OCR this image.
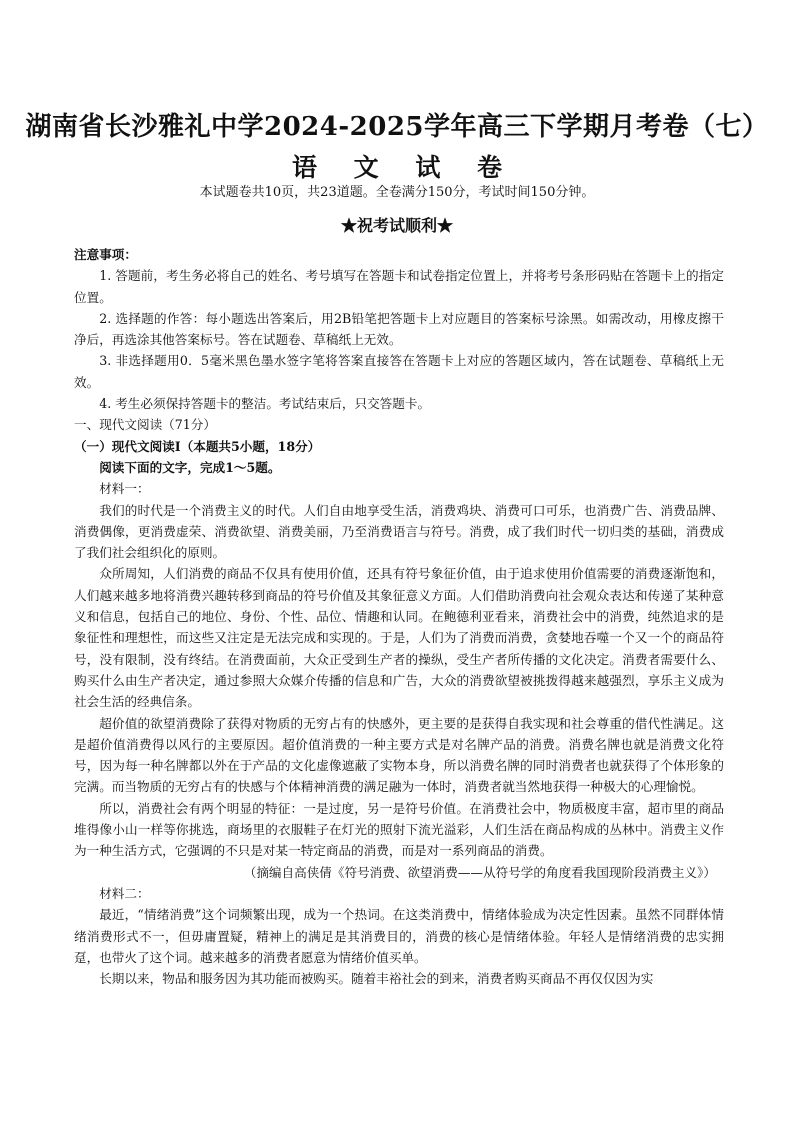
湖南省长沙雅礼中学2024-2025学年高三下学期月考卷（七）
语 文 试 卷
本试题卷共10页，共23道题。全卷满分150分，考试时间150分钟。
★祝考试顺利★

注意事项：

1. 答题前，考生务必将自己的姓名、考号填写在答题卡和试卷指定位置上，并将考号条形码贴在答题卡上的指定位置。

2. 选择题的作答：每小题选出答案后，用2B铅笔把答题卡上对应题目的答案标号涂黑。如需改动，用橡皮擦干净后，再选涂其他答案标号。答在试题卷、草稿纸上无效。

3. 非选择题用0．5毫米黑色墨水签字笔将答案直接答在答题卡上对应的答题区域内，答在试题卷、草稿纸上无效。

4. 考生必须保持答题卡的整洁。考试结束后，只交答题卡。

一、现代文阅读（71分）

（一）现代文阅读Ⅰ（本题共5小题，18分）

阅读下面的文字，完成1～5题。

材料一：

我们的时代是一个消费主义的时代。人们自由地享受生活，消费鸡块、消费可口可乐，也消费广告、消费品牌、消费偶像，更消费虚荣、消费欲望、消费美丽，乃至消费语言与符号。消费，成了我们时代一切归类的基础，消费成了我们社会组织化的原则。

众所周知，人们消费的商品不仅具有使用价值，还具有符号象征价值，由于追求使用价值需要的消费逐渐饱和，人们越来越多地将消费兴趣转移到商品的符号价值及其象征意义方面。人们借助消费向社会观众表达和传递了某种意义和信息，包括自己的地位、身份、个性、品位、情趣和认同。在鲍德利亚看来，消费社会中的消费，纯然追求的是象征性和理想性，而这些又注定是无法完成和实现的。于是，人们为了消费而消费，贪婪地吞噬一个又一个的商品符号，没有限制，没有终结。在消费面前，大众正受到生产者的操纵，受生产者所传播的文化决定。消费者需要什么、购买什么由生产者决定，通过参照大众媒介传播的信息和广告，大众的消费欲望被挑拨得越来越强烈，享乐主义成为社会生活的经典信条。

超价值的欲望消费除了获得对物质的无穷占有的快感外，更主要的是获得自我实现和社会尊重的借代性满足。这是超价值消费得以风行的主要原因。超价值消费的一种主要方式是对名牌产品的消费。消费名牌也就是消费文化符号，因为每一种名牌都以外在于产品的文化虚像遮蔽了实物本身，所以消费名牌的同时消费者也就获得了个体形象的完满。而当物质的无穷占有的快感与个体精神消费的满足融为一体时，消费者就当然地获得一种极大的心理愉悦。

所以，消费社会有两个明显的特征：一是过度，另一是符号价值。在消费社会中，物质极度丰富，超市里的商品堆得像小山一样等你挑选，商场里的衣服鞋子在灯光的照射下流光溢彩，人们生活在商品构成的丛林中。消费主义作为一种生活方式，它强调的不只是对某一特定商品的消费，而是对一系列商品的消费。

（摘编自高侠倩《符号消费、欲望消费——从符号学的角度看我国现阶段消费主义》）

材料二：

最近，“情绪消费”这个词频繁出现，成为一个热词。在这类消费中，情绪体验成为决定性因素。虽然不同群体情绪消费形式不一，但毋庸置疑，精神上的满足是其消费目的，消费的核心是情绪体验。年轻人是情绪消费的忠实拥趸，也带火了这个词。越来越多的消费者愿意为情绪价值买单。

长期以来，物品和服务因为其功能而被购买。随着丰裕社会的到来，消费者购买商品不再仅仅因为实
